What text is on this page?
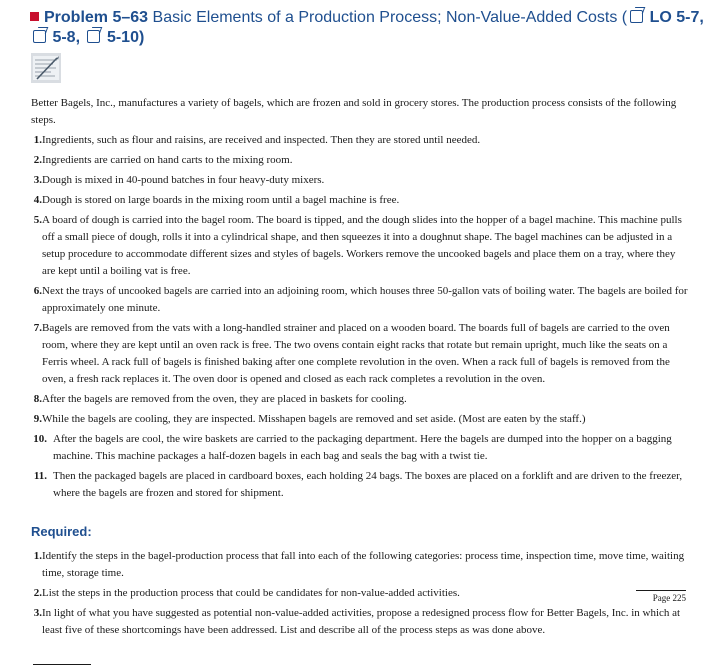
Problem 5–63 Basic Elements of a Production Process; Non-Value-Added Costs ( LO 5-7,
5-8, 5-10)
Better Bagels, Inc., manufactures a variety of bagels, which are frozen and sold in grocery stores. The production process consists of the following steps.
1. Ingredients, such as flour and raisins, are received and inspected. Then they are stored until needed.
2. Ingredients are carried on hand carts to the mixing room.
3. Dough is mixed in 40-pound batches in four heavy-duty mixers.
4. Dough is stored on large boards in the mixing room until a bagel machine is free.
5. A board of dough is carried into the bagel room. The board is tipped, and the dough slides into the hopper of a bagel machine. This machine pulls off a small piece of dough, rolls it into a cylindrical shape, and then squeezes it into a doughnut shape. The bagel machines can be adjusted in a setup procedure to accommodate different sizes and styles of bagels. Workers remove the uncooked bagels and place them on a tray, where they are kept until a boiling vat is free.
6. Next the trays of uncooked bagels are carried into an adjoining room, which houses three 50-gallon vats of boiling water. The bagels are boiled for approximately one minute.
7. Bagels are removed from the vats with a long-handled strainer and placed on a wooden board. The boards full of bagels are carried to the oven room, where they are kept until an oven rack is free. The two ovens contain eight racks that rotate but remain upright, much like the seats on a Ferris wheel. A rack full of bagels is finished baking after one complete revolution in the oven. When a rack full of bagels is removed from the oven, a fresh rack replaces it. The oven door is opened and closed as each rack completes a revolution in the oven.
8. After the bagels are removed from the oven, they are placed in baskets for cooling.
9. While the bagels are cooling, they are inspected. Misshapen bagels are removed and set aside. (Most are eaten by the staff.)
10. After the bagels are cool, the wire baskets are carried to the packaging department. Here the bagels are dumped into the hopper on a bagging machine. This machine packages a half-dozen bagels in each bag and seals the bag with a twist tie.
11. Then the packaged bagels are placed in cardboard boxes, each holding 24 bags. The boxes are placed on a forklift and are driven to the freezer, where the bagels are frozen and stored for shipment.
Required:
1. Identify the steps in the bagel-production process that fall into each of the following categories: process time, inspection time, move time, waiting time, storage time.
2. List the steps in the production process that could be candidates for non-value-added activities.
3. In light of what you have suggested as potential non-value-added activities, propose a redesigned process flow for Better Bagels, Inc. in which at least five of these shortcomings have been addressed. List and describe all of the process steps as was done above.
Page 225
